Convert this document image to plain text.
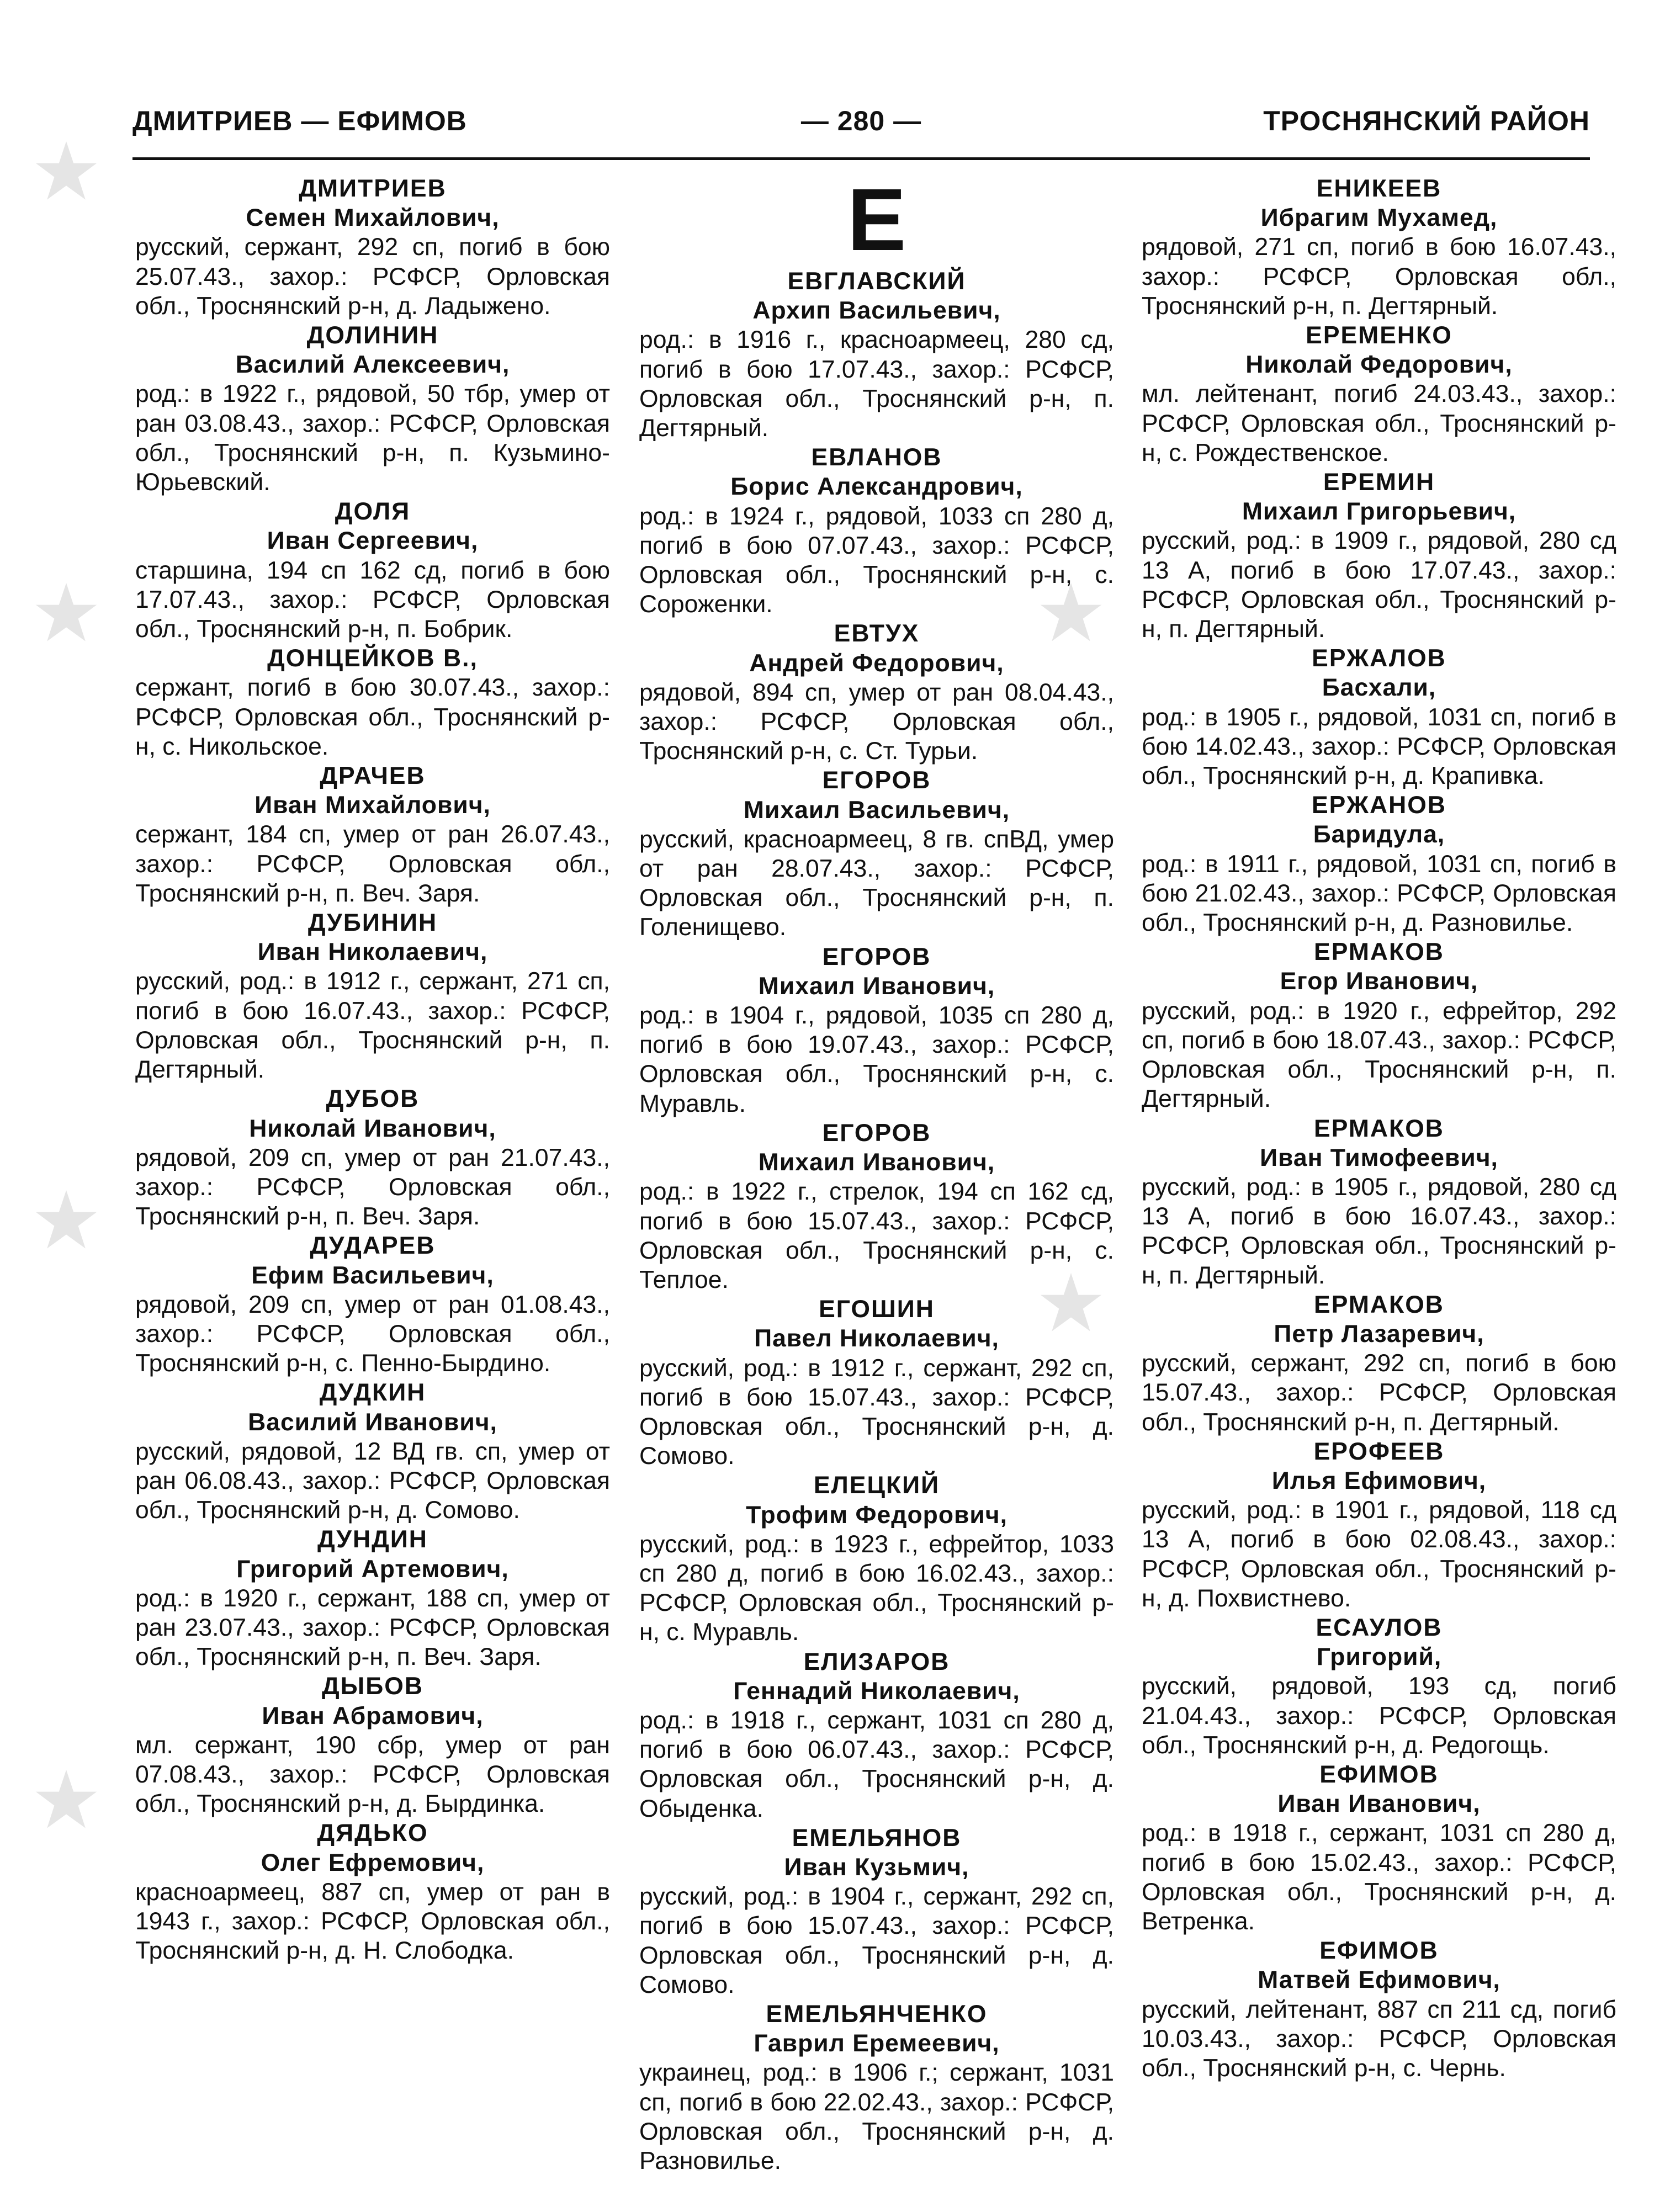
ДМИТРИЕВ — ЕФИМОВ	— 280 —	ТРОСНЯНСКИЙ РАЙОН
ДМИТРИЕВ
Семен Михайлович,
русский, сержант, 292 сп, погиб в бою 25.07.43., захор.: РСФСР, Орловская обл., Троснянский р-н, д. Ладыжено.
ДОЛИНИН
Василий Алексеевич,
род.: в 1922 г., рядовой, 50 тбр, умер от ран 03.08.43., захор.: РСФСР, Орловская обл., Троснянский р-н, п. Кузьмино-Юрьевский.
ДОЛЯ
Иван Сергеевич,
старшина, 194 сп 162 сд, погиб в бою 17.07.43., захор.: РСФСР, Орловская обл., Троснянский р-н, п. Бобрик.
ДОНЦЕЙКОВ В.,
сержант, погиб в бою 30.07.43., захор.: РСФСР, Орловская обл., Троснянский р-н, с. Никольское.
ДРАЧЕВ
Иван Михайлович,
сержант, 184 сп, умер от ран 26.07.43., захор.: РСФСР, Орловская обл., Троснянский р-н, п. Веч. Заря.
ДУБИНИН
Иван Николаевич,
русский, род.: в 1912 г., сержант, 271 сп, погиб в бою 16.07.43., захор.: РСФСР, Орловская обл., Троснянский р-н, п. Дегтярный.
ДУБОВ
Николай Иванович,
рядовой, 209 сп, умер от ран 21.07.43., захор.: РСФСР, Орловская обл., Троснянский р-н, п. Веч. Заря.
ДУДАРЕВ
Ефим Васильевич,
рядовой, 209 сп, умер от ран 01.08.43., захор.: РСФСР, Орловская обл., Троснянский р-н, с. Пенно-Бырдино.
ДУДКИН
Василий Иванович,
русский, рядовой, 12 ВД гв. сп, умер от ран 06.08.43., захор.: РСФСР, Орловская обл., Троснянский р-н, д. Сомово.
ДУНДИН
Григорий Артемович,
род.: в 1920 г., сержант, 188 сп, умер от ран 23.07.43., захор.: РСФСР, Орловская обл., Троснянский р-н, п. Веч. Заря.
ДЫБОВ
Иван Абрамович,
мл. сержант, 190 сбр, умер от ран 07.08.43., захор.: РСФСР, Орловская обл., Троснянский р-н, д. Бырдинка.
ДЯДЬКО
Олег Ефремович,
красноармеец, 887 сп, умер от ран в 1943 г., захор.: РСФСР, Орловская обл., Троснянский р-н, д. Н. Слободка.
Е
ЕВГЛАВСКИЙ
Архип Васильевич,
род.: в 1916 г., красноармеец, 280 сд, погиб в бою 17.07.43., захор.: РСФСР, Орловская обл., Троснянский р-н, п. Дегтярный.
ЕВЛАНОВ
Борис Александрович,
род.: в 1924 г., рядовой, 1033 сп 280 д, погиб в бою 07.07.43., захор.: РСФСР, Орловская обл., Троснянский р-н, с. Сороженки.
ЕВТУХ
Андрей Федорович,
рядовой, 894 сп, умер от ран 08.04.43., захор.: РСФСР, Орловская обл., Троснянский р-н, с. Ст. Турьи.
ЕГОРОВ
Михаил Васильевич,
русский, красноармеец, 8 гв. спВД, умер от ран 28.07.43., захор.: РСФСР, Орловская обл., Троснянский р-н, п. Голенищево.
ЕГОРОВ
Михаил Иванович,
род.: в 1904 г., рядовой, 1035 сп 280 д, погиб в бою 19.07.43., захор.: РСФСР, Орловская обл., Троснянский р-н, с. Муравль.
ЕГОРОВ
Михаил Иванович,
род.: в 1922 г., стрелок, 194 сп 162 сд, погиб в бою 15.07.43., захор.: РСФСР, Орловская обл., Троснянский р-н, с. Теплое.
ЕГОШИН
Павел Николаевич,
русский, род.: в 1912 г., сержант, 292 сп, погиб в бою 15.07.43., захор.: РСФСР, Орловская обл., Троснянский р-н, д. Сомово.
ЕЛЕЦКИЙ
Трофим Федорович,
русский, род.: в 1923 г., ефрейтор, 1033 сп 280 д, погиб в бою 16.02.43., захор.: РСФСР, Орловская обл., Троснянский р-н, с. Муравль.
ЕЛИЗАРОВ
Геннадий Николаевич,
род.: в 1918 г., сержант, 1031 сп 280 д, погиб в бою 06.07.43., захор.: РСФСР, Орловская обл., Троснянский р-н, д. Обыденка.
ЕМЕЛЬЯНОВ
Иван Кузьмич,
русский, род.: в 1904 г., сержант, 292 сп, погиб в бою 15.07.43., захор.: РСФСР, Орловская обл., Троснянский р-н, д. Сомово.
ЕМЕЛЬЯНЧЕНКО
Гаврил Еремеевич,
украинец, род.: в 1906 г.; сержант, 1031 сп, погиб в бою 22.02.43., захор.: РСФСР, Орловская обл., Троснянский р-н, д. Разновилье.
ЕНИКЕЕВ
Ибрагим Мухамед,
рядовой, 271 сп, погиб в бою 16.07.43., захор.: РСФСР, Орловская обл., Троснянский р-н, п. Дегтярный.
ЕРЕМЕНКО
Николай Федорович,
мл. лейтенант, погиб 24.03.43., захор.: РСФСР, Орловская обл., Троснянский р-н, с. Рождественское.
ЕРЕМИН
Михаил Григорьевич,
русский, род.: в 1909 г., рядовой, 280 сд 13 А, погиб в бою 17.07.43., захор.: РСФСР, Орловская обл., Троснянский р-н, п. Дегтярный.
ЕРЖАЛОВ
Басхали,
род.: в 1905 г., рядовой, 1031 сп, погиб в бою 14.02.43., захор.: РСФСР, Орловская обл., Троснянский р-н, д. Крапивка.
ЕРЖАНОВ
Баридула,
род.: в 1911 г., рядовой, 1031 сп, погиб в бою 21.02.43., захор.: РСФСР, Орловская обл., Троснянский р-н, д. Разновилье.
ЕРМАКОВ
Егор Иванович,
русский, род.: в 1920 г., ефрейтор, 292 сп, погиб в бою 18.07.43., захор.: РСФСР, Орловская обл., Троснянский р-н, п. Дегтярный.
ЕРМАКОВ
Иван Тимофеевич,
русский, род.: в 1905 г., рядовой, 280 сд 13 А, погиб в бою 16.07.43., захор.: РСФСР, Орловская обл., Троснянский р-н, п. Дегтярный.
ЕРМАКОВ
Петр Лазаревич,
русский, сержант, 292 сп, погиб в бою 15.07.43., захор.: РСФСР, Орловская обл., Троснянский р-н, п. Дегтярный.
ЕРОФЕЕВ
Илья Ефимович,
русский, род.: в 1901 г., рядовой, 118 сд 13 А, погиб в бою 02.08.43., захор.: РСФСР, Орловская обл., Троснянский р-н, д. Похвистнево.
ЕСАУЛОВ
Григорий,
русский, рядовой, 193 сд, погиб 21.04.43., захор.: РСФСР, Орловская обл., Троснянский р-н, д. Редогощь.
ЕФИМОВ
Иван Иванович,
род.: в 1918 г., сержант, 1031 сп 280 д, погиб в бою 15.02.43., захор.: РСФСР, Орловская обл., Троснянский р-н, д. Ветренка.
ЕФИМОВ
Матвей Ефимович,
русский, лейтенант, 887 сп 211 сд, погиб 10.03.43., захор.: РСФСР, Орловская обл., Троснянский р-н, с. Чернь.
